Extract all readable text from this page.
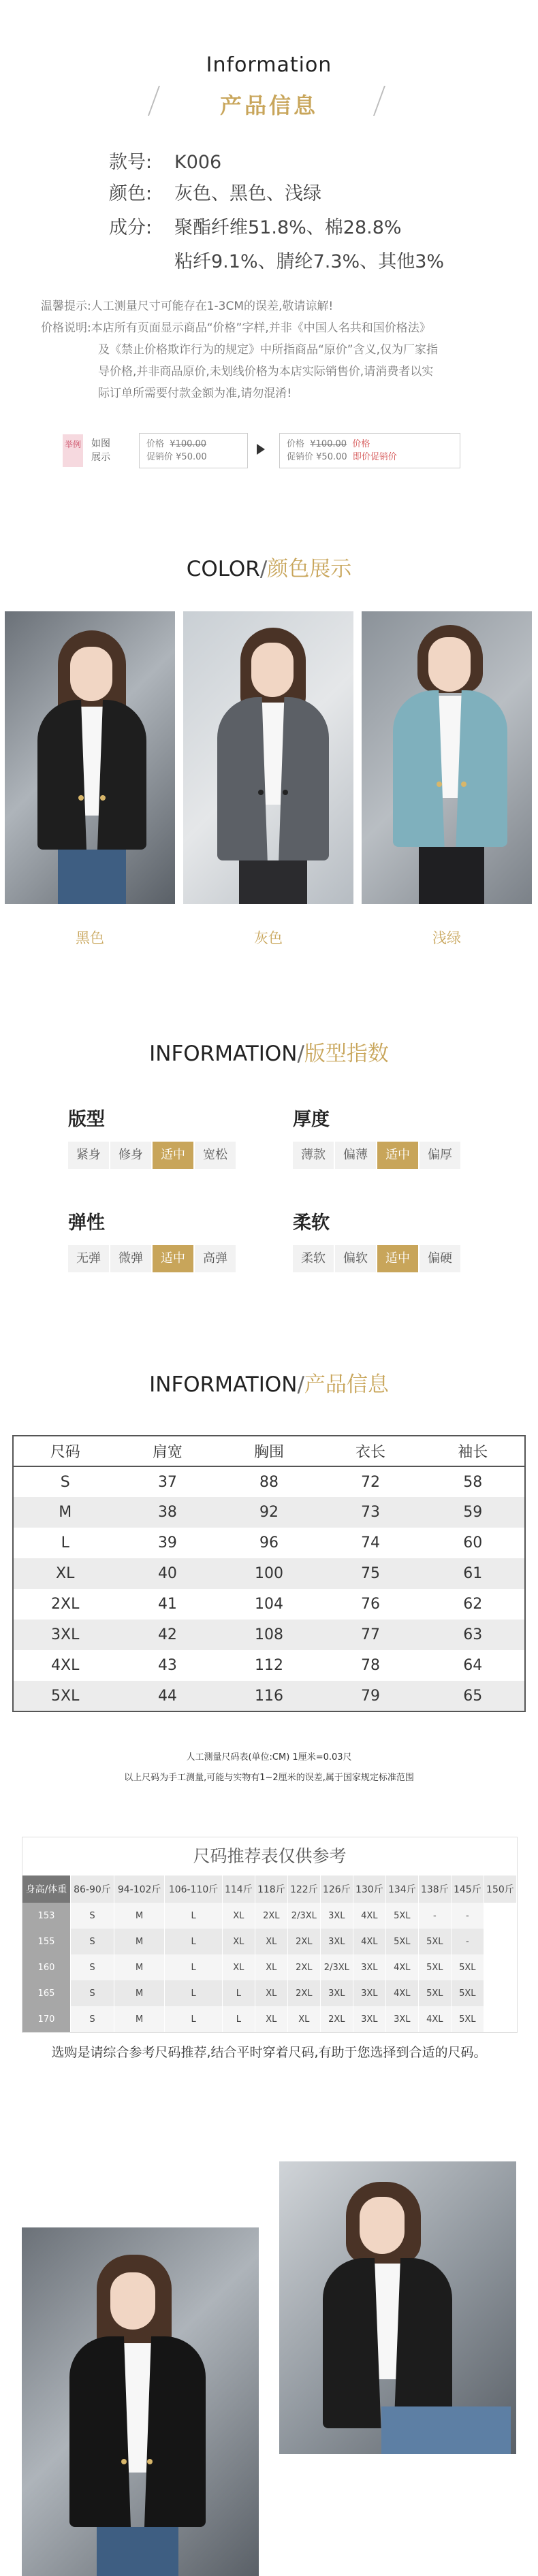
Information
产品信息
款号: K006
颜色: 灰色、黑色、浅绿
成分: 聚酯纤维51.8%、棉28.8%
粘纤9.1%、腈纶7.3%、其他3%
温馨提示:人工测量尺寸可能存在1-3CM的误差,敬请谅解!
价格说明:本店所有页面显示商品“价格”字样,并非《中国人名共和国价格法》
及《禁止价格欺诈行为的规定》中所指商品“原价”含义,仅为厂家指
导价格,并非商品原价,未划线价格为本店实际销售价,请消费者以实
际订单所需要付款金额为准,请勿混淆!
举例 如图
展示
价格 ¥100.00
促销价 ¥50.00
价格 ¥100.00 价格
促销价 ¥50.00 即价促销价
COLOR/颜色展示
黑色	灰色	浅绿
INFORMATION/版型指数
版型
紧身 修身 适中 宽松
厚度
薄款 偏薄 适中 偏厚
弹性
无弹 微弹 适中 高弹
柔软
柔软 偏软 适中 偏硬
INFORMATION/产品信息
尺码	肩宽	胸围	衣长	袖长
S	37	88	72	58
M	38	92	73	59
L	39	96	74	60
XL	40	100	75	61
2XL	41	104	76	62
3XL	42	108	77	63
4XL	43	112	78	64
5XL	44	116	79	65
人工测量尺码表(单位:CM) 1厘米=0.03尺
以上尺码为手工测量,可能与实物有1~2厘米的误差,属于国家规定标准范围
尺码推荐表仅供参考
身高/体重	86-90斤	94-102斤	106-110斤	114斤	118斤	122斤	126斤	130斤	134斤	138斤	145斤	150斤
153	S	M	L	XL	2XL	2/3XL	3XL	4XL	5XL	-	-	
155	S	M	L	XL	XL	2XL	3XL	4XL	5XL	5XL	-	
160	S	M	L	XL	XL	2XL	2/3XL	3XL	4XL	5XL	5XL	
165	S	M	L	L	XL	2XL	3XL	3XL	4XL	5XL	5XL	
170	S	M	L	L	XL	XL	2XL	3XL	3XL	4XL	5XL	
选购是请综合参考尺码推荐,结合平时穿着尺码,有助于您选择到合适的尺码。
